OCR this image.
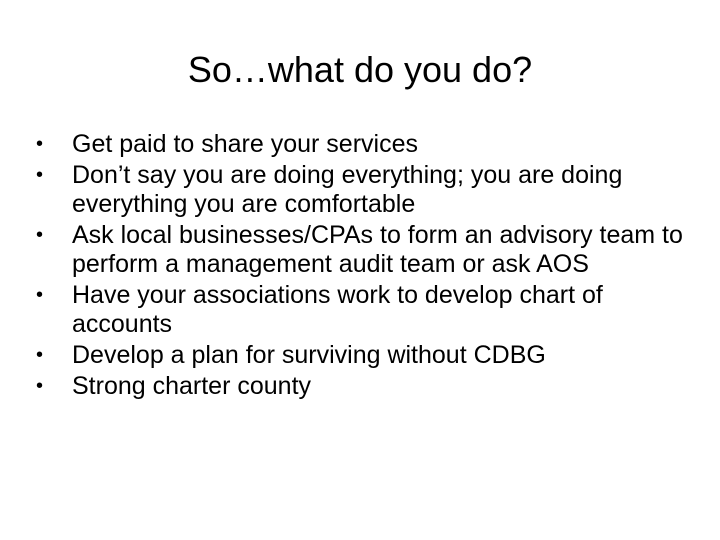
So…what do you do?
•	Get paid to share your services
•	Don’t say you are doing everything; you are doing everything you are comfortable
•	Ask local businesses/CPAs to form an advisory team to perform a management audit team or ask AOS
•	Have your associations work to develop chart of accounts
•	Develop a plan for surviving without CDBG
•	Strong charter county
